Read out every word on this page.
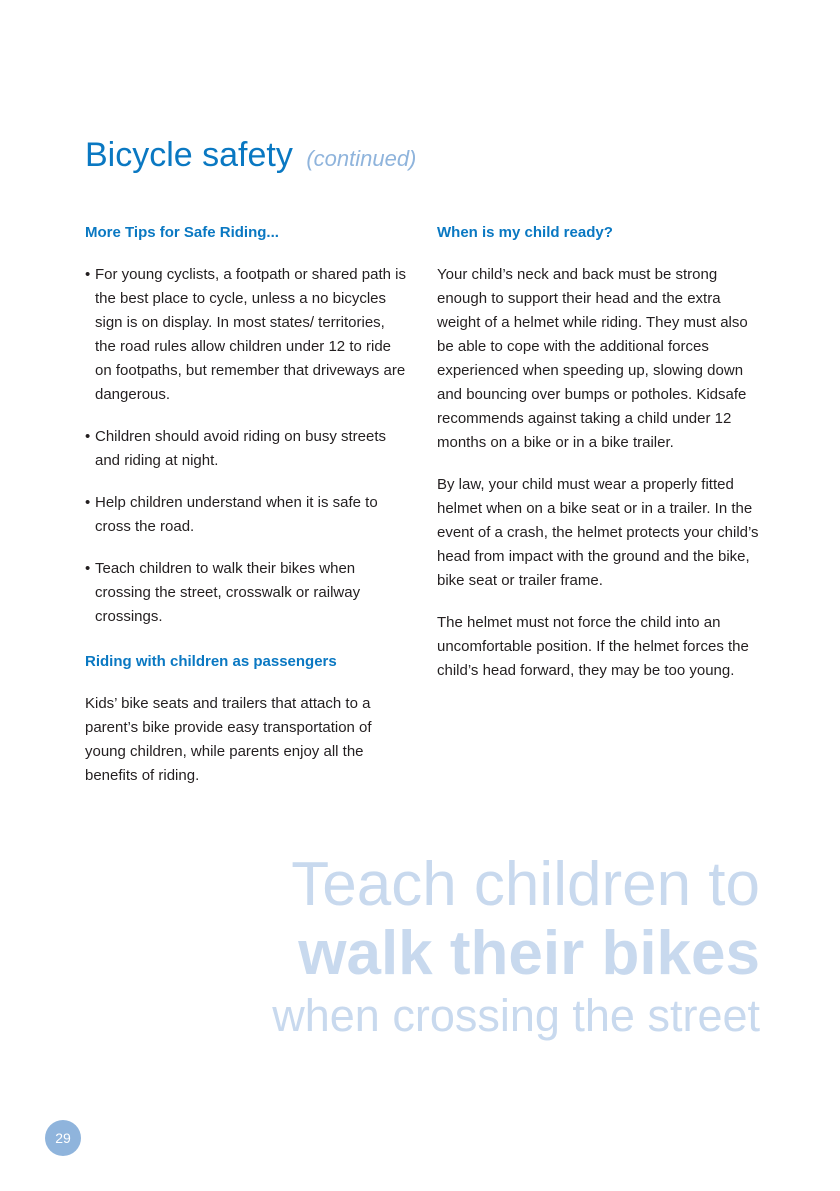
Bicycle safety (continued)
More Tips for Safe Riding...
• For young cyclists, a footpath or shared path is the best place to cycle, unless a no bicycles sign is on display. In most states/ territories, the road rules allow children under 12 to ride on footpaths, but remember that driveways are dangerous.
• Children should avoid riding on busy streets and riding at night.
• Help children understand when it is safe to cross the road.
• Teach children to walk their bikes when crossing the street, crosswalk or railway crossings.
Riding with children as passengers

Kids’ bike seats and trailers that attach to a parent’s bike provide easy transportation of young children, while parents enjoy all the benefits of riding.

When is my child ready?

Your child’s neck and back must be strong enough to support their head and the extra weight of a helmet while riding. They must also be able to cope with the additional forces experienced when speeding up, slowing down and bouncing over bumps or potholes. Kidsafe recommends against taking a child under 12 months on a bike or in a bike trailer.

By law, your child must wear a properly fitted helmet when on a bike seat or in a trailer. In the event of a crash, the helmet protects your child’s head from impact with the ground and the bike, bike seat or trailer frame.

The helmet must not force the child into an uncomfortable position. If the helmet forces the child’s head forward, they may be too young.

Teach children to
walk their bikes
when crossing the street
29
